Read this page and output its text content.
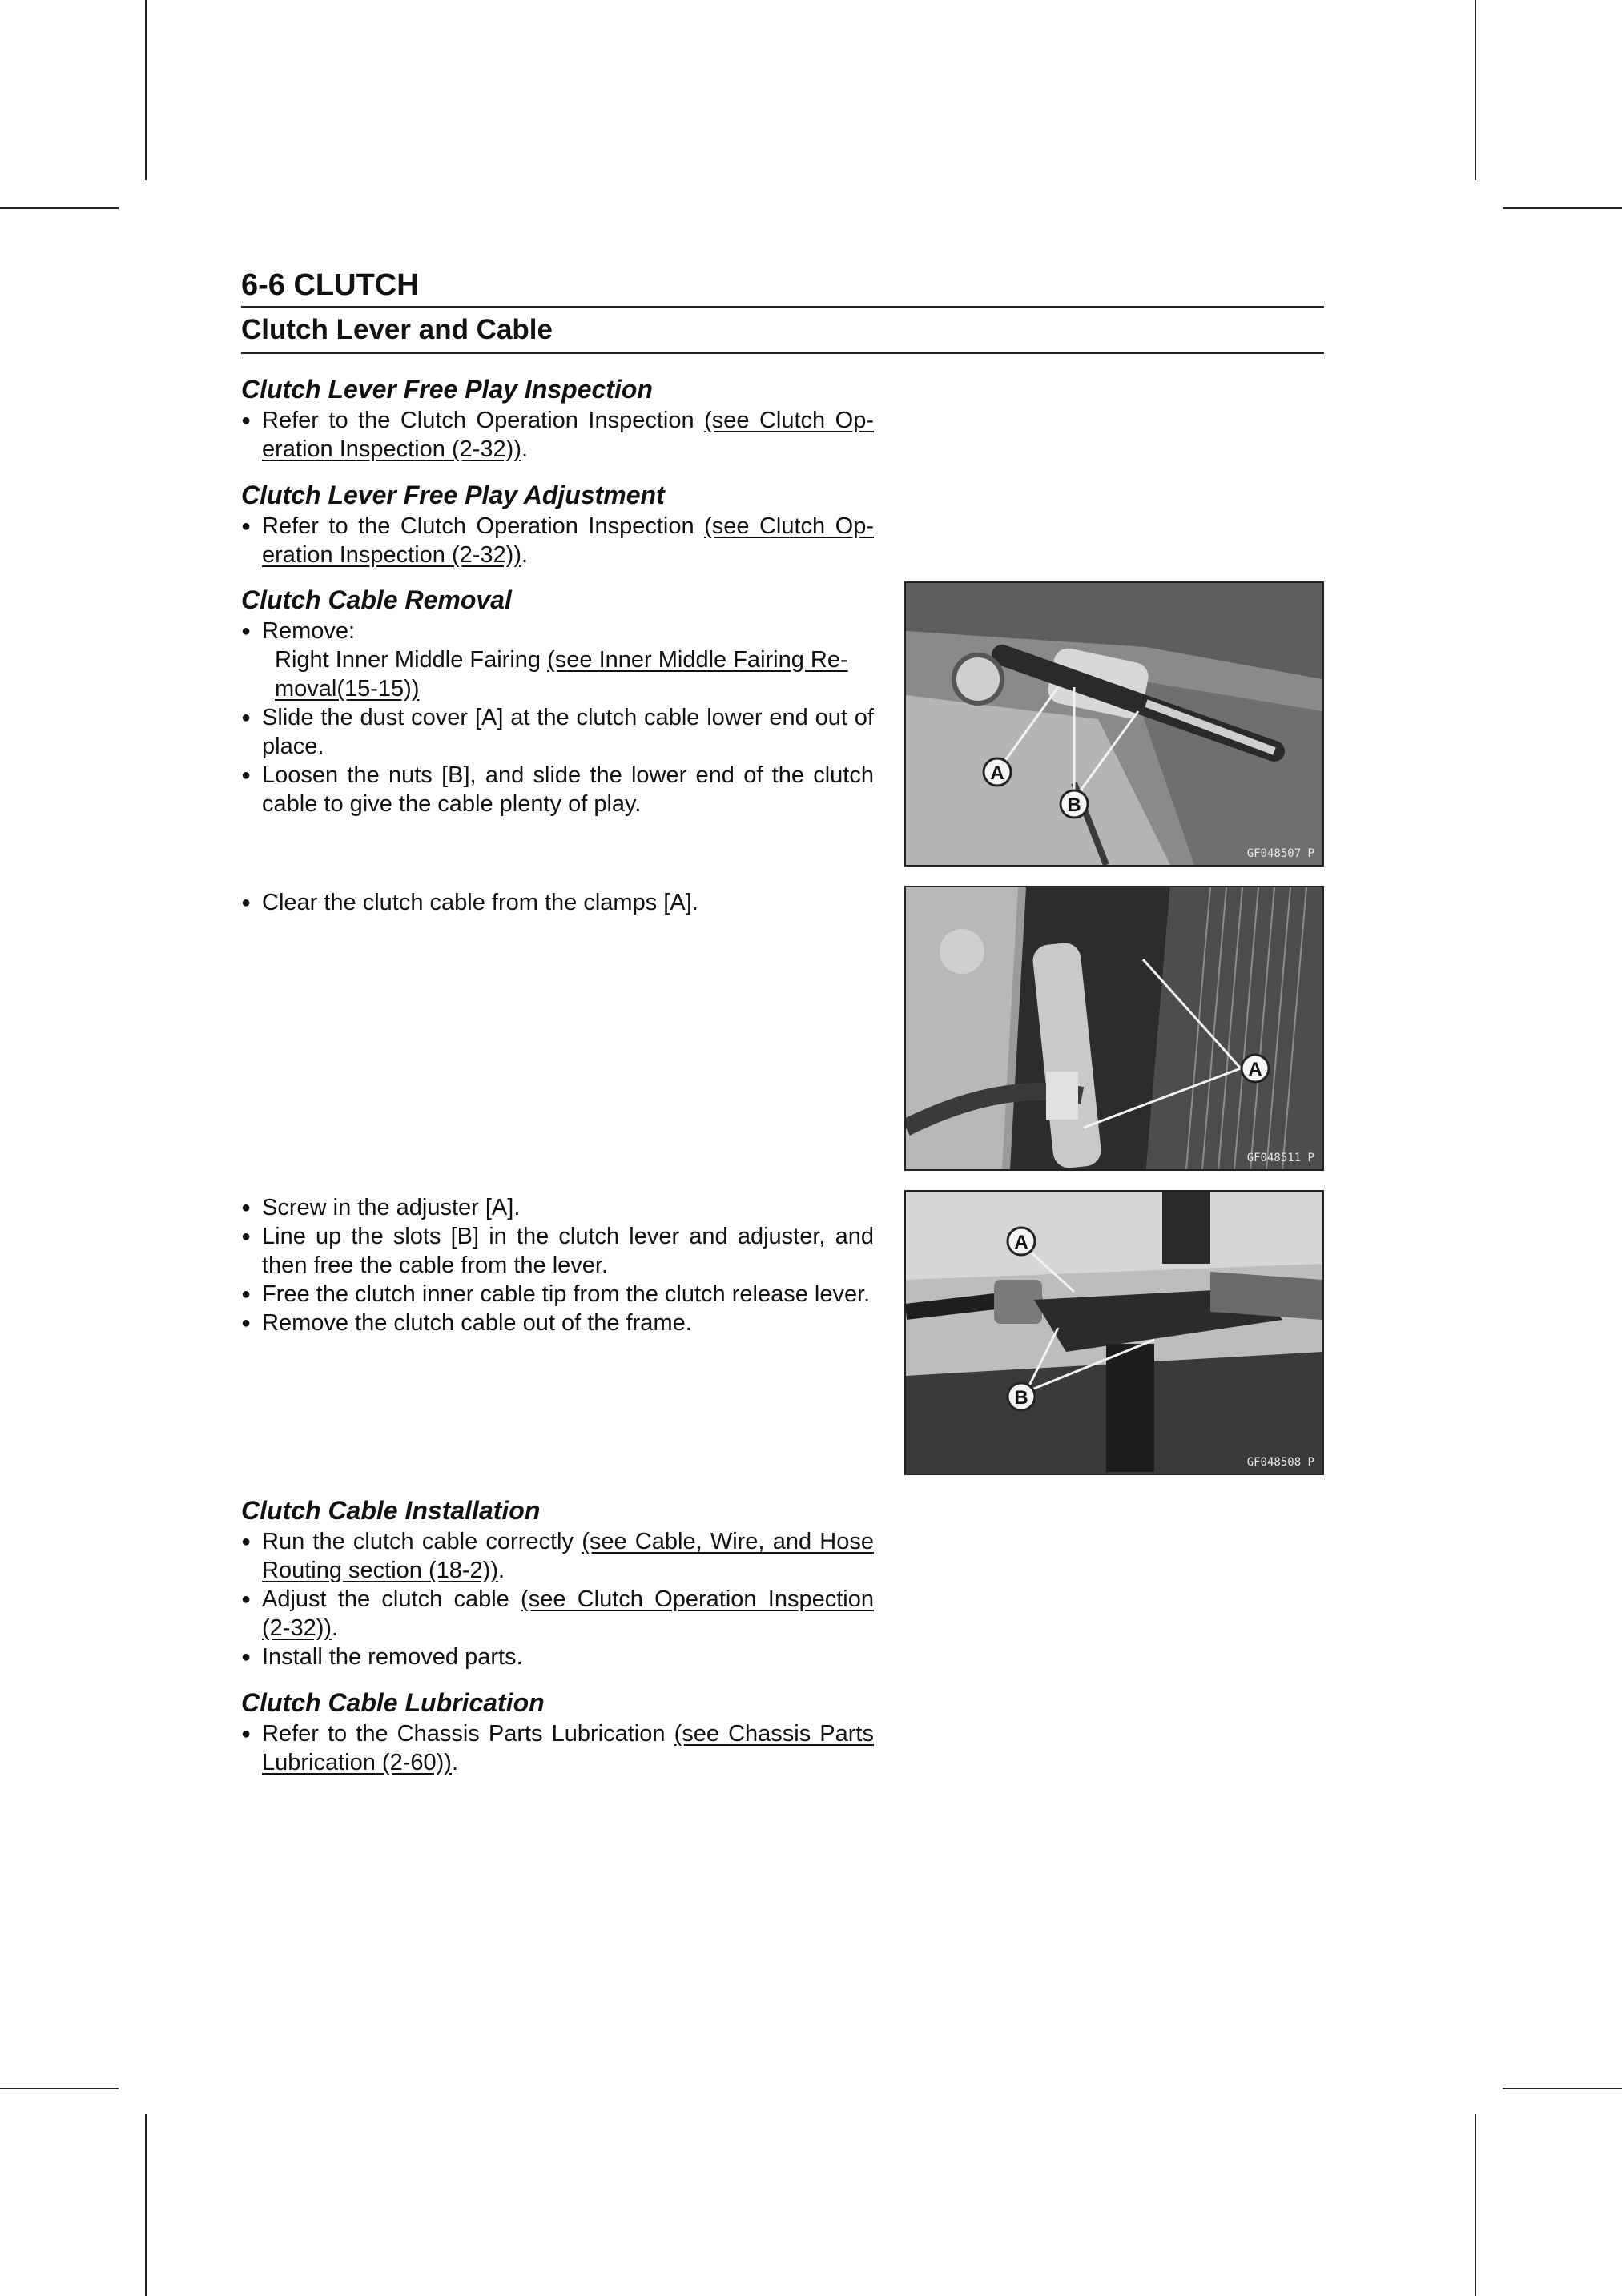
6-6 CLUTCH
Clutch Lever and Cable
Clutch Lever Free Play Inspection
● Refer to the Clutch Operation Inspection (see Clutch Op- eration Inspection (2-32)).
Clutch Lever Free Play Adjustment
● Refer to the Clutch Operation Inspection (see Clutch Op- eration Inspection (2-32)).
Clutch Cable Removal
● Remove:
Right Inner Middle Fairing (see Inner Middle Fairing Re- moval(15-15))
● Slide the dust cover [A] at the clutch cable lower end out of place.
● Loosen the nuts [B], and slide the lower end of the clutch cable to give the cable plenty of play.
● Clear the clutch cable from the clamps [A].
● Screw in the adjuster [A].
● Line up the slots [B] in the clutch lever and adjuster, and then free the cable from the lever.
● Free the clutch inner cable tip from the clutch release lever.
● Remove the clutch cable out of the frame.
Clutch Cable Installation
● Run the clutch cable correctly (see Cable, Wire, and Hose Routing section (18-2)).
● Adjust the clutch cable (see Clutch Operation Inspection (2-32)).
● Install the removed parts.
Clutch Cable Lubrication
● Refer to the Chassis Parts Lubrication (see Chassis Parts Lubrication (2-60)).
A
B
GF048507 P
A
GF048511 P
A
B
GF048508 P
